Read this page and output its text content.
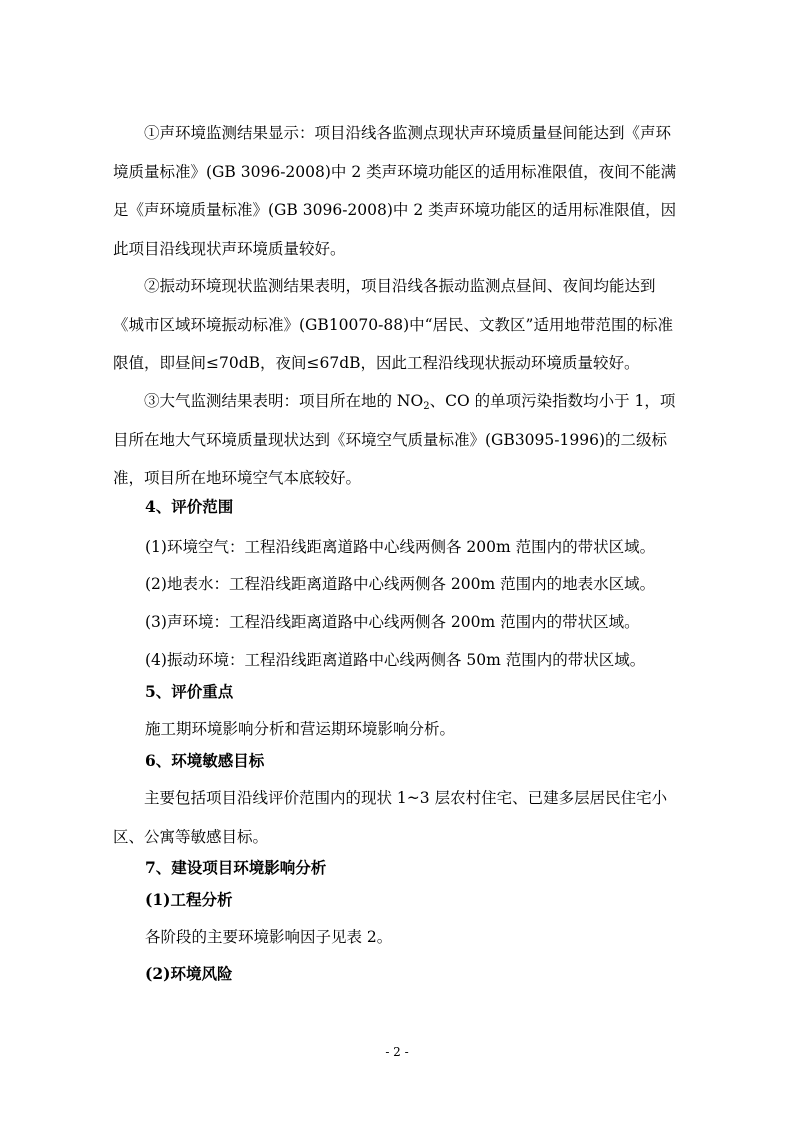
①声环境监测结果显示：项目沿线各监测点现状声环境质量昼间能达到《声环境质量标准》(GB 3096-2008)中 2 类声环境功能区的适用标准限值，夜间不能满足《声环境质量标准》(GB 3096-2008)中 2 类声环境功能区的适用标准限值，因此项目沿线现状声环境质量较好。

②振动环境现状监测结果表明，项目沿线各振动监测点昼间、夜间均能达到《城市区域环境振动标准》(GB10070-88)中“居民、文教区”适用地带范围的标准限值，即昼间≤70dB，夜间≤67dB，因此工程沿线现状振动环境质量较好。

③大气监测结果表明：项目所在地的 $NO_2$、CO 的单项污染指数均小于 1，项目所在地大气环境质量现状达到《环境空气质量标准》(GB3095-1996)的二级标准，项目所在地环境空气本底较好。

4、评价范围
(1)环境空气：工程沿线距离道路中心线两侧各 200m 范围内的带状区域。
(2)地表水：工程沿线距离道路中心线两侧各 200m 范围内的地表水区域。
(3)声环境：工程沿线距离道路中心线两侧各 200m 范围内的带状区域。
(4)振动环境：工程沿线距离道路中心线两侧各 50m 范围内的带状区域。
5、评价重点
施工期环境影响分析和营运期环境影响分析。
6、环境敏感目标

主要包括项目沿线评价范围内的现状 1~3 层农村住宅、已建多层居民住宅小区、公寓等敏感目标。

7、建设项目环境影响分析
(1)工程分析
各阶段的主要环境影响因子见表 2。
(2)环境风险
- 2 -
